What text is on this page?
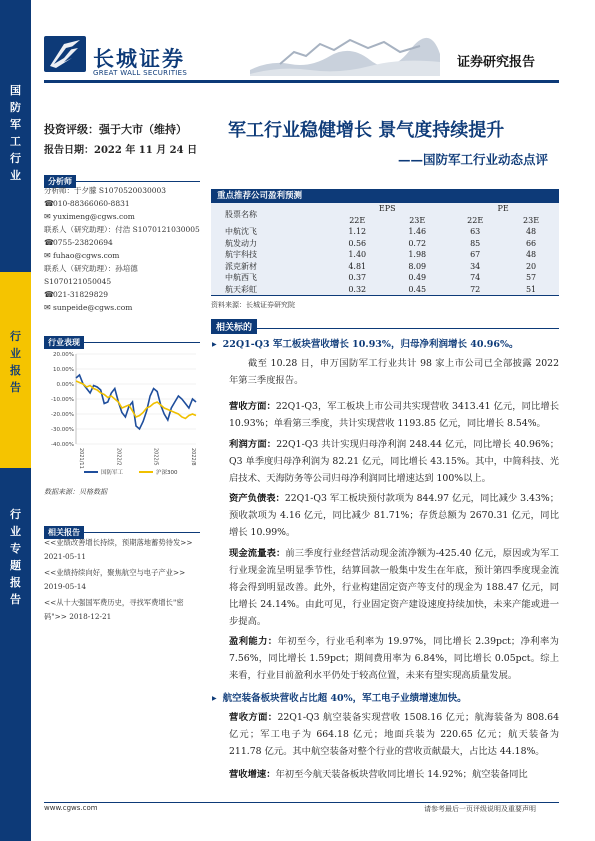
国
防
军
工
行
业
行
业
报
告
行
业
专
题
报
告
长城证券
GREAT WALL SECURITIES
证券研究报告
投资评级：强于大市（维持）
报告日期：2022 年 11 月 24 日
分析师
分析师：于夕朦 S1070520030003
☎010-88366060-8831
✉ yuximeng@cgws.com
联系人（研究助理）：付浩 S1070121030005
☎0755-23820694
✉ fuhao@cgws.com
联系人（研究助理）：孙培德
S1070121050045
☎021-31829829
✉ sunpeide@cgws.com
行业表现
20.00%
10.00%
0.00%
-10.00%
-20.00%
-30.00%
-40.00%
2021/11	2022/2	2022/5	2022/8
国防军工	沪深300
数据来源：贝格数据
相关报告
<<业绩改善增长持续，预期落地蓄势待发>> 2021-05-11
<<业绩持续向好，聚焦航空与电子产业>> 2019-05-14
<<从十大强国军费历史，寻找军费增长"密码">> 2018-12-21
军工行业稳健增长 景气度持续提升
——国防军工行业动态点评
重点推荐公司盈利预测
股票名称	EPS		PE	
	22E	23E	22E	23E
中航沈飞	1.12	1.46	63	48
航发动力	0.56	0.72	85	66
航宇科技	1.40	1.98	67	48
派克新材	4.81	8.09	34	20
中航西飞	0.37	0.49	74	57
航天彩虹	0.32	0.45	72	51
资料来源：长城证券研究院
相关标的
▶ 22Q1-Q3 军工板块营收增长 10.93%，归母净利润增长 40.96%。
截至 10.28 日，申万国防军工行业共计 98 家上市公司已全部披露 2022 年第三季度报告。
营收方面：22Q1-Q3，军工板块上市公司共实现营收 3413.41 亿元，同比增长 10.93%；单看第三季度，共计实现营收 1193.85 亿元，同比增长 8.54%。
利润方面：22Q1-Q3 共计实现归母净利润 248.44 亿元，同比增长 40.96%；Q3 单季度归母净利润为 82.21 亿元，同比增长 43.15%。其中，中简科技、光启技术、天海防务等公司归母净利润同比增速达到 100%以上。
资产负债表：22Q1-Q3 军工板块预付款项为 844.97 亿元，同比减少 3.43%；预收款项为 4.16 亿元，同比减少 81.71%；存货总额为 2670.31 亿元，同比增长 10.99%。
现金流量表：前三季度行业经营活动现金流净额为-425.40 亿元，原因或为军工行业现金流呈明显季节性，结算回款一般集中发生在年底，预计第四季度现金流将会得到明显改善。此外，行业构建固定资产等支付的现金为 188.47 亿元，同比增长 24.14%。由此可见，行业固定资产建设速度持续加快，未来产能或进一步提高。
盈利能力：年初至今，行业毛利率为 19.97%，同比增长 2.39pct；净利率为 7.56%，同比增长 1.59pct；期间费用率为 6.84%，同比增长 0.05pct。综上来看，行业目前盈利水平仍处于较高位置，未来有望实现高质量发展。
▶ 航空装备板块营收占比超 40%，军工电子业绩增速加快。
营收方面：22Q1-Q3 航空装备实现营收 1508.16 亿元；航海装备为 808.64 亿元；军工电子为 664.18 亿元；地面兵装为 220.65 亿元；航天装备为 211.78 亿元。其中航空装备对整个行业的营收贡献最大，占比达 44.18%。
营收增速：年初至今航天装备板块营收同比增长 14.92%；航空装备同比
www.cgws.com	请参考最后一页评级说明及重要声明
